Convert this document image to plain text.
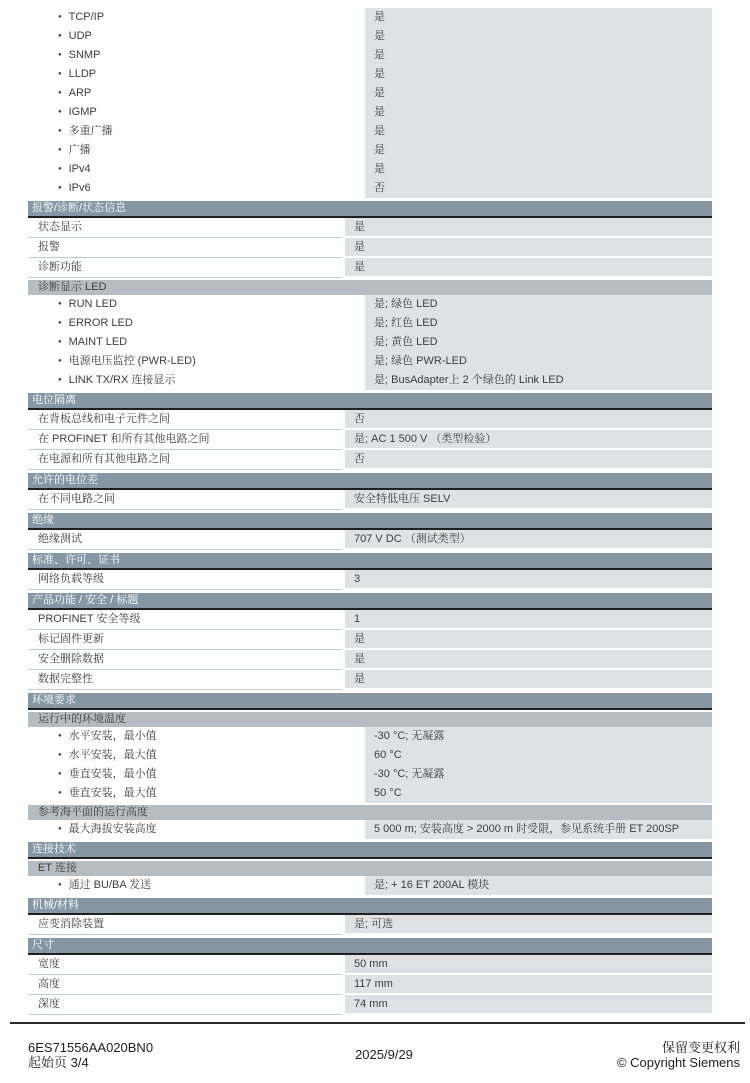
● TCP/IP	是
● UDP	是
● SNMP	是
● LLDP	是
● ARP	是
● IGMP	是
● 多重广播	是
● 广播	是
● IPv4	是
● IPv6	否
报警/诊断/状态信息
状态显示	是
报警	是
诊断功能	是
诊断显示 LED
● RUN LED	是; 绿色 LED
● ERROR LED	是; 红色 LED
● MAINT LED	是; 黄色 LED
● 电源电压监控 (PWR-LED)	是; 绿色 PWR-LED
● LINK TX/RX 连接显示	是; BusAdapter上 2 个绿色的 Link LED
电位隔离
在背板总线和电子元件之间	否
在 PROFINET 和所有其他电路之间	是; AC 1 500 V （类型检验）
在电源和所有其他电路之间	否
允许的电位差
在不同电路之间	安全特低电压 SELV
绝缘
绝缘测试	707 V DC （测试类型）
标准、许可、证书
网络负载等级	3
产品功能 / 安全 / 标题
PROFINET 安全等级	1
标记固件更新	是
安全删除数据	是
数据完整性	是
环境要求
运行中的环境温度
● 水平安装，最小值	-30 °C; 无凝露
● 水平安装，最大值	60 °C
● 垂直安装，最小值	-30 °C; 无凝露
● 垂直安装，最大值	50 °C
参考海平面的运行高度
● 最大海拔安装高度	5 000 m; 安装高度 > 2000 m 时受限，参见系统手册 ET 200SP
连接技术
ET 连接
● 通过 BU/BA 发送	是; + 16 ET 200AL 模块
机械/材料
应变消除装置	是; 可选
尺寸
宽度	50 mm
高度	117 mm
深度	74 mm
6ES71556AA020BN0
起始页 3/4
2025/9/29	保留变更权利
© Copyright Siemens
